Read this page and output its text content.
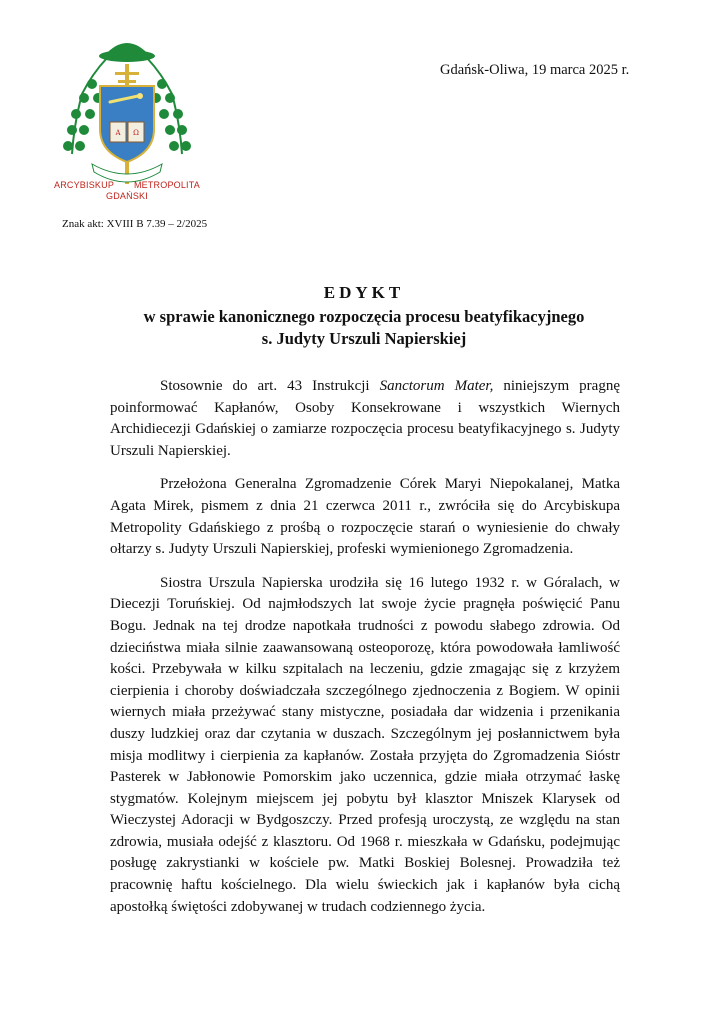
A Ω
ARCYBISKUP METROPOLITA
GDAŃSKI
Gdańsk-Oliwa, 19 marca 2025 r.
Znak akt: XVIII B 7.39 – 2/2025
EDYKT
w sprawie kanonicznego rozpoczęcia procesu beatyfikacyjnego
s. Judyty Urszuli Napierskiej

Stosownie do art. 43 Instrukcji Sanctorum Mater, niniejszym pragnę poinformować Kapłanów, Osoby Konsekrowane i wszystkich Wiernych Archidiecezji Gdańskiej o zamiarze rozpoczęcia procesu beatyfikacyjnego s. Judyty Urszuli Napierskiej.

Przełożona Generalna Zgromadzenie Córek Maryi Niepokalanej, Matka Agata Mirek, pismem z dnia 21 czerwca 2011 r., zwróciła się do Arcybiskupa Metropolity Gdańskiego z prośbą o rozpoczęcie starań o wyniesienie do chwały ołtarzy s. Judyty Urszuli Napierskiej, profeski wymienionego Zgromadzenia.

Siostra Urszula Napierska urodziła się 16 lutego 1932 r. w Góralach, w Diecezji Toruńskiej. Od najmłodszych lat swoje życie pragnęła poświęcić Panu Bogu. Jednak na tej drodze napotkała trudności z powodu słabego zdrowia. Od dzieciństwa miała silnie zaawansowaną osteoporozę, która powodowała łamliwość kości. Przebywała w kilku szpitalach na leczeniu, gdzie zmagając się z krzyżem cierpienia i choroby doświadczała szczególnego zjednoczenia z Bogiem. W opinii wiernych miała przeżywać stany mistyczne, posiadała dar widzenia i przenikania duszy ludzkiej oraz dar czytania w duszach. Szczególnym jej posłannictwem była misja modlitwy i cierpienia za kapłanów. Została przyjęta do Zgromadzenia Sióstr Pasterek w Jabłonowie Pomorskim jako uczennica, gdzie miała otrzymać łaskę stygmatów. Kolejnym miejscem jej pobytu był klasztor Mniszek Klarysek od Wieczystej Adoracji w Bydgoszczy. Przed profesją uroczystą, ze względu na stan zdrowia, musiała odejść z klasztoru. Od 1968 r. mieszkała w Gdańsku, podejmując posługę zakrystianki w kościele pw. Matki Boskiej Bolesnej. Prowadziła też pracownię haftu kościelnego. Dla wielu świeckich jak i kapłanów była cichą apostołką świętości zdobywanej w trudach codziennego życia.
